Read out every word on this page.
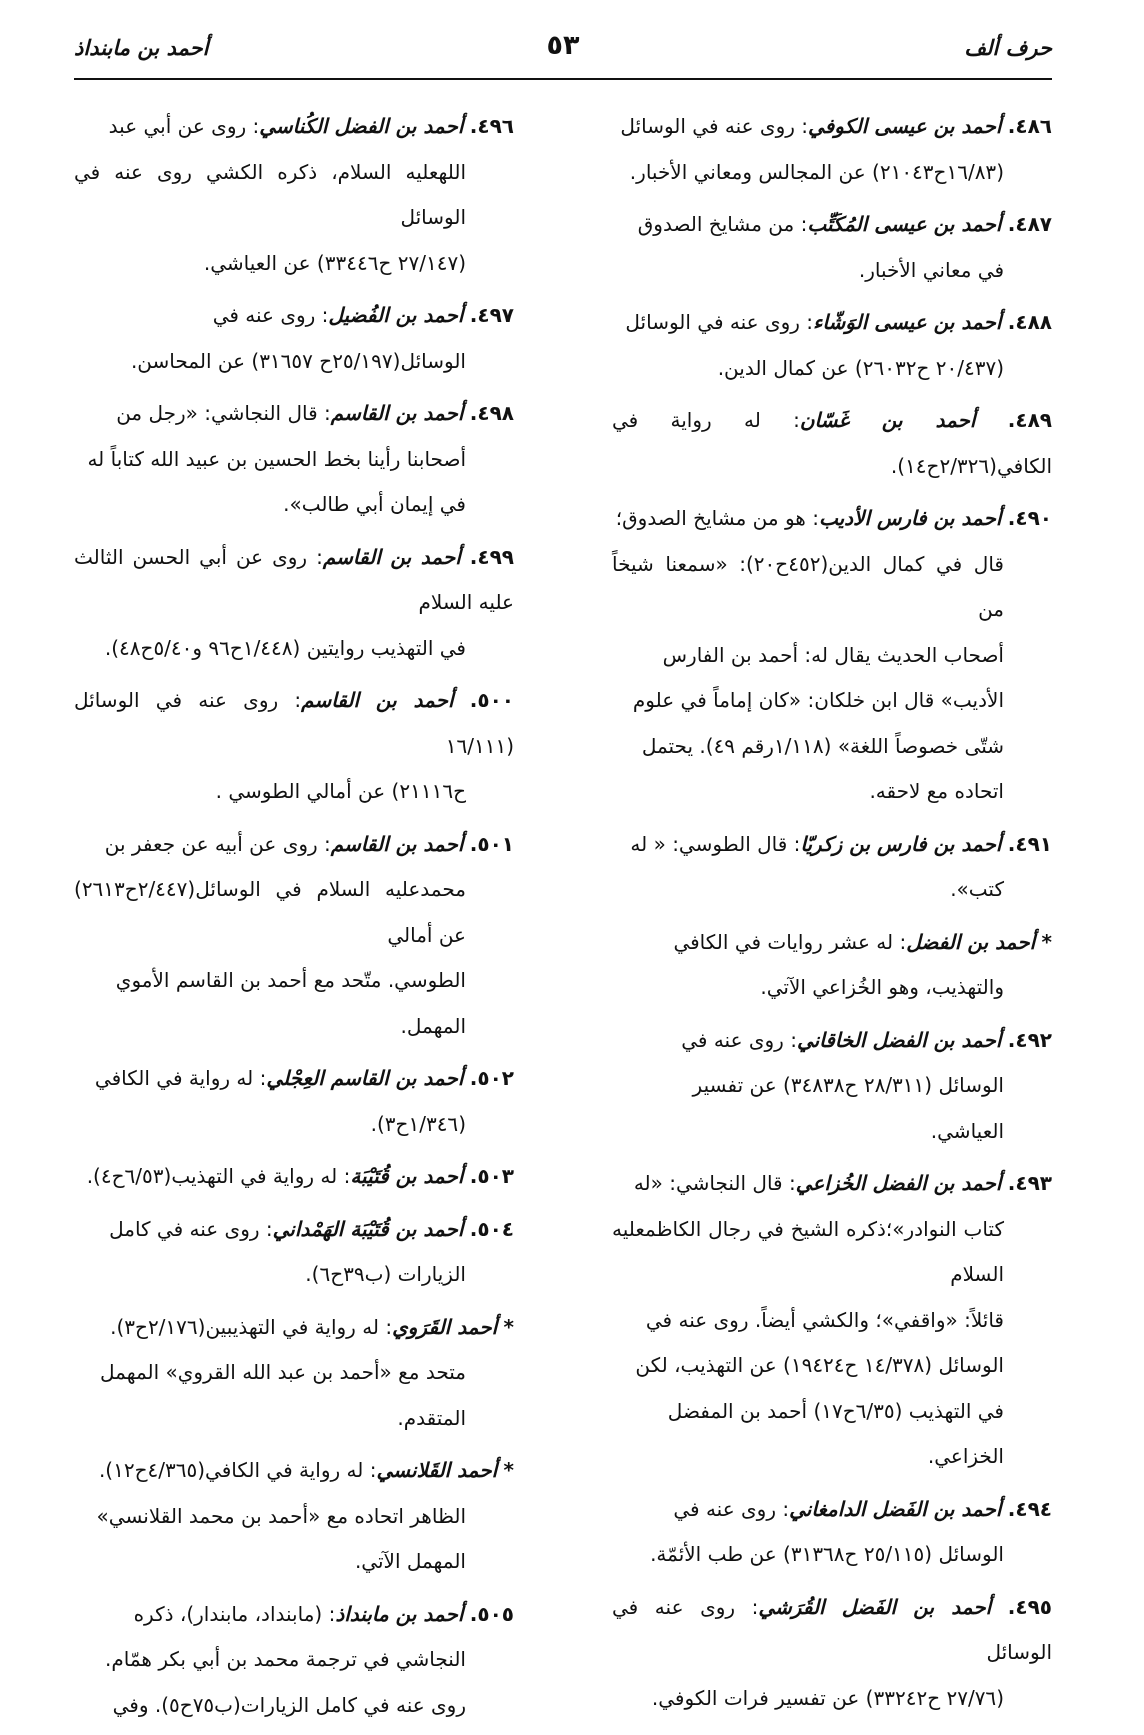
حرف ألف
٥٣
أحمد بن مابنداذ
٤٨٦. أحمد بن عيسى الكوفي: روى عنه في الوسائل
(١٦/٨٣ح٢١٠٤٣) عن المجالس ومعاني الأخبار.
٤٨٧. أحمد بن عيسى المُكَتِّب: من مشايخ الصدوق
في معاني الأخبار.
٤٨٨. أحمد بن عيسى الوَشّاء: روى عنه في الوسائل
(٢٠/٤٣٧ ح٢٦٠٣٢) عن كمال الدين.
٤٨٩. أحمد بن غَسّان: له رواية في الكافي(٢/٣٢٦ح١٤).
٤٩٠. أحمد بن فارس الأديب: هو من مشايخ الصدوق؛
قال في كمال الدين(٤٥٢ح٢٠): «سمعنا شيخاً من
أصحاب الحديث يقال له: أحمد بن الفارس
الأديب» قال ابن خلكان: «كان إماماً في علوم
شتّى خصوصاً اللغة» (١/١١٨رقم ٤٩). يحتمل
اتحاده مع لاحقه.
٤٩١. أحمد بن فارس بن زكريّا: قال الطوسي: « له
كتب».
* أحمد بن الفضل: له عشر روايات في الكافي
والتهذيب، وهو الخُزاعي الآتي.
٤٩٢. أحمد بن الفضل الخاقاني: روى عنه في
الوسائل (٢٨/٣١١ ح٣٤٨٣٨) عن تفسير
العياشي.
٤٩٣. أحمد بن الفضل الخُزاعي: قال النجاشي: «له
كتاب النوادر»؛ذكره الشيخ في رجال الكاظمعليه السلام
قائلاً: «واقفي»؛ والكشي أيضاً. روى عنه في
الوسائل (١٤/٣٧٨ ح١٩٤٢٤) عن التهذيب، لكن
في التهذيب (٦/٣٥ح١٧) أحمد بن المفضل
الخزاعي.
٤٩٤. أحمد بن الفَضل الدامغاني: روى عنه في
الوسائل (٢٥/١١٥ ح٣١٣٦٨) عن طب الأئمّة.
٤٩٥. أحمد بن الفَضل القُرَشي: روى عنه في الوسائل
(٢٧/٧٦ ح٣٣٢٤٢) عن تفسير فرات الكوفي.
٤٩٦. أحمد بن الفضل الكُناسي: روى عن أبي عبد
اللهعليه السلام، ذكره الكشي روى عنه في الوسائل
(٢٧/١٤٧ ح٣٣٤٤٦) عن العياشي.
٤٩٧. أحمد بن الفُضيل: روى عنه في
الوسائل(٢٥/١٩٧ح ٣١٦٥٧) عن المحاسن.
٤٩٨. أحمد بن القاسم: قال النجاشي: «رجل من
أصحابنا رأينا بخط الحسين بن عبيد الله كتاباً له
في إيمان أبي طالب».
٤٩٩. أحمد بن القاسم: روى عن أبي الحسن الثالث عليه السلام
في التهذيب روايتين (١/٤٤٨ح٩٦ و٥/٤٠ح٤٨).
٥٠٠. أحمد بن القاسم: روى عنه في الوسائل (١٦/١١١
ح٢١١١٦) عن أمالي الطوسي .
٥٠١. أحمد بن القاسم: روى عن أبيه عن جعفر بن
محمدعليه السلام في الوسائل(٢/٤٤٧ح٢٦١٣) عن أمالي
الطوسي. متّحد مع أحمد بن القاسم الأموي
المهمل.
٥٠٢. أحمد بن القاسم العِجْلي: له رواية في الكافي
(١/٣٤٦ح٣).
٥٠٣. أحمد بن قُتَيْبَة: له رواية في التهذيب(٦/٥٣ح٤).
٥٠٤. أحمد بن قُتَيْبَة الهَمْداني: روى عنه في كامل
الزيارات (ب٣٩ح٦).
* أحمد القَرَوي: له رواية في التهذيبين(٢/١٧٦ح٣).
متحد مع «أحمد بن عبد الله القروي» المهمل
المتقدم.
* أحمد القَلانسي: له رواية في الكافي(٤/٣٦٥ح١٢).
الظاهر اتحاده مع «أحمد بن محمد القلانسي»
المهمل الآتي.
٥٠٥. أحمد بن مابنداذ: (مابنداد، مابندار)، ذكره
النجاشي في ترجمة محمد بن أبي بكر همّام.
روى عنه في كامل الزيارات(ب٧٥ح٥). وفي
